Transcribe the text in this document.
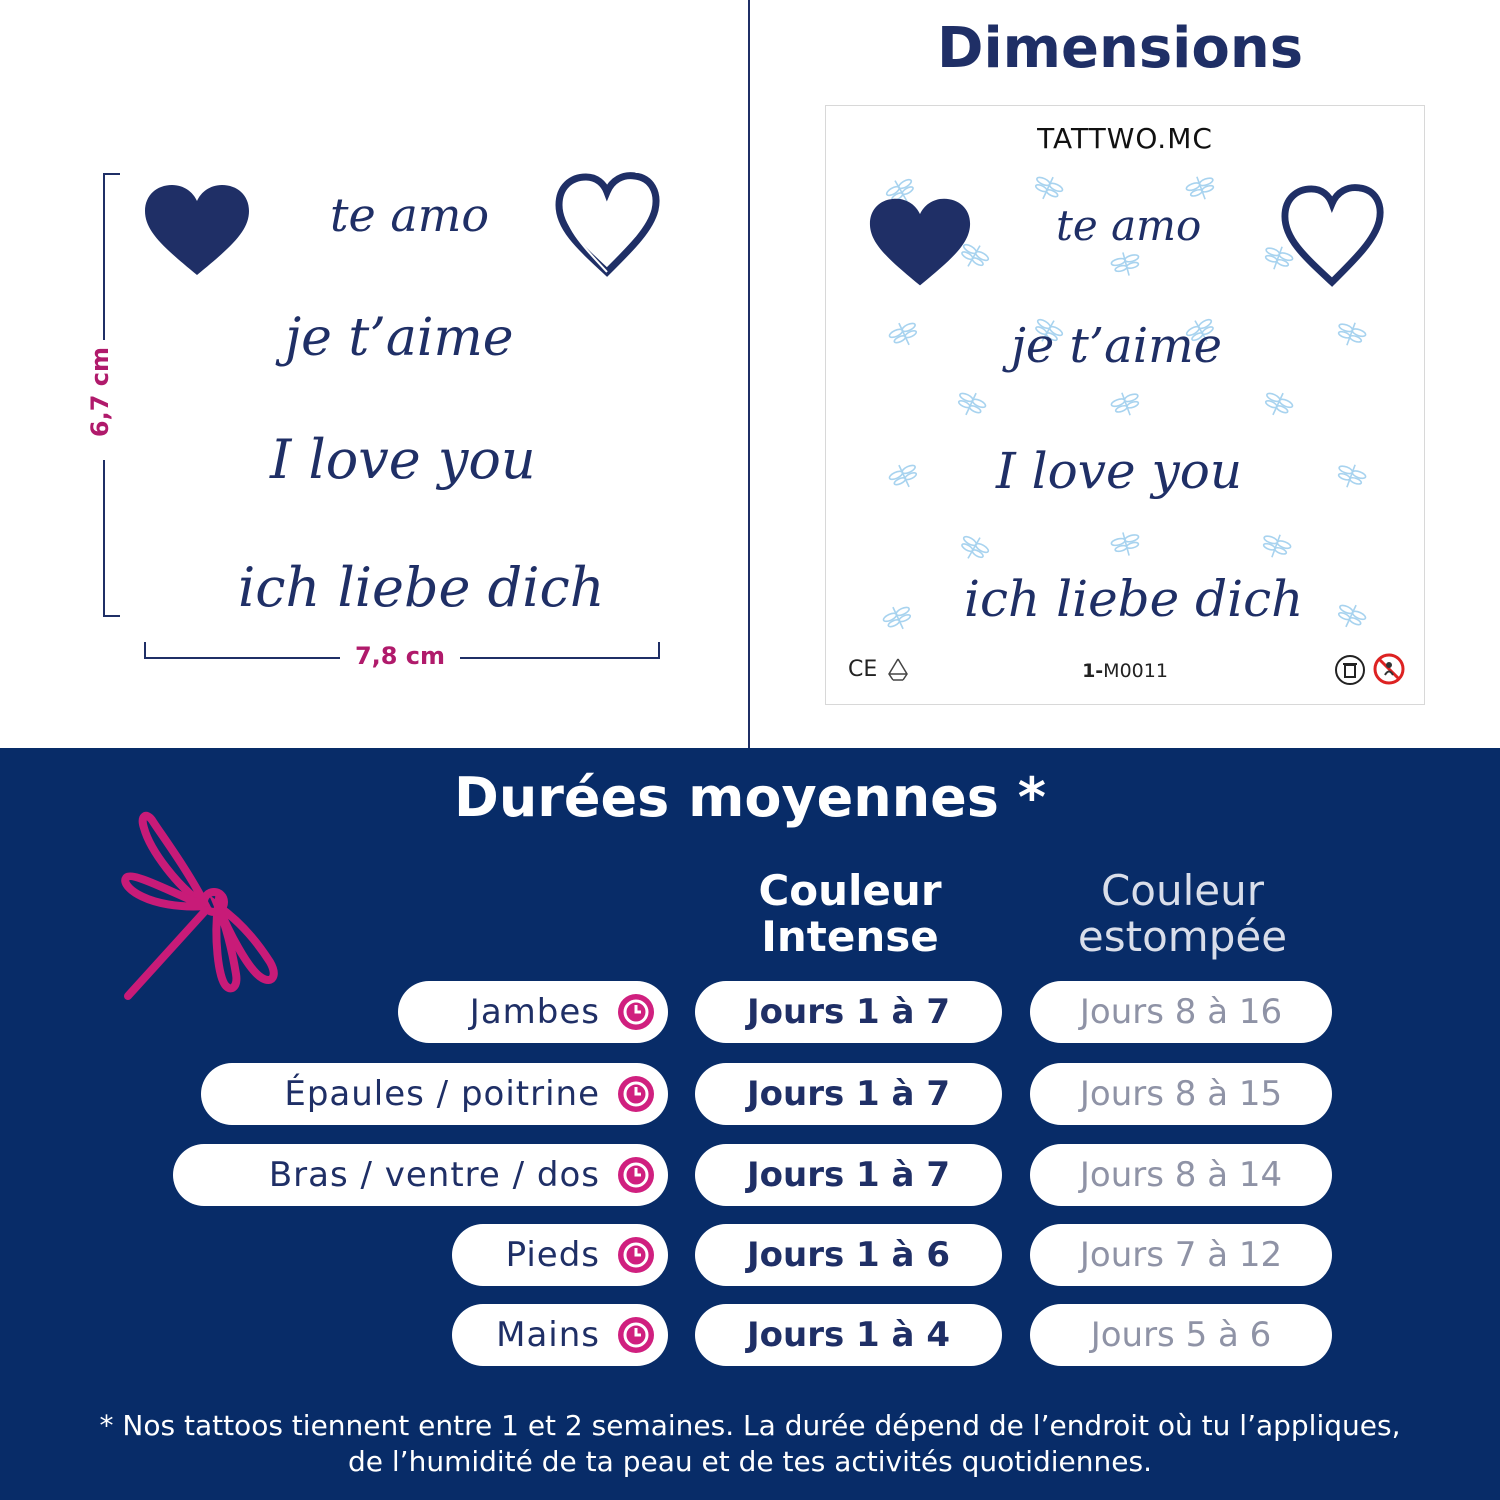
6,7 cm
7,8 cm
te amo
je t’aime
I love you
ich liebe dich
Dimensions
TATTWO.MC
te amo
je t’aime
I love you
ich liebe dich
CE	1-M0011
Durées moyennes *
Couleur Intense
Couleur estompée
Jambes	Jours 1 à 7	Jours 8 à 16
Épaules / poitrine	Jours 1 à 7	Jours 8 à 15
Bras / ventre / dos	Jours 1 à 7	Jours 8 à 14
Pieds	Jours 1 à 6	Jours 7 à 12
Mains	Jours 1 à 4	Jours 5 à 6
* Nos tattoos tiennent entre 1 et 2 semaines. La durée dépend de l’endroit où tu l’appliques,
de l’humidité de ta peau et de tes activités quotidiennes.
